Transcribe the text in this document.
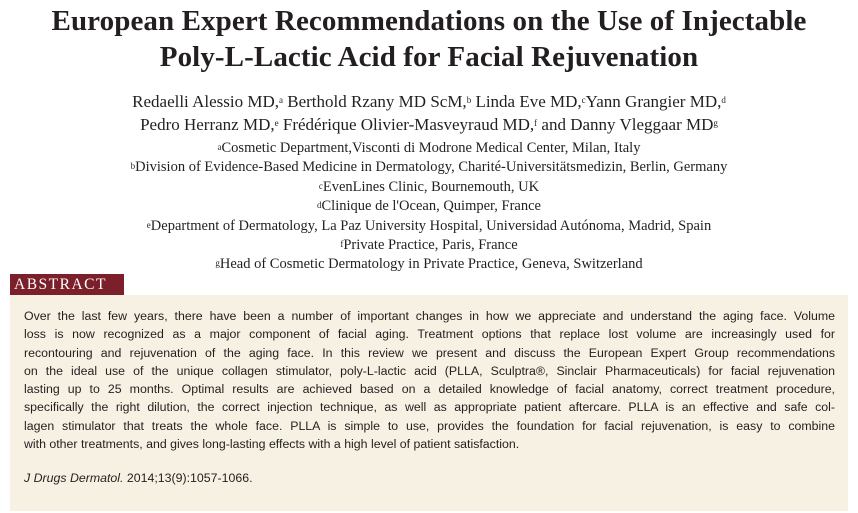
European Expert Recommendations on the Use of Injectable
Poly-L-Lactic Acid for Facial Rejuvenation
Redaelli Alessio MD,$^a$ Berthold Rzany MD ScM,$^b$ Linda Eve MD,$^c$Yann Grangier MD,$^d$
Pedro Herranz MD,$^e$ Frédérique Olivier-Masveyraud MD,$^f$ and Danny Vleggaar $MD^g$
$^a$Cosmetic Department,Visconti di Modrone Medical Center, Milan, Italy
$^b$Division of Evidence-Based Medicine in Dermatology, Charité-Universitätsmedizin, Berlin, Germany
$^c$EvenLines Clinic, Bournemouth, UK
$^d$Clinique de l'Ocean, Quimper, France
$^e$Department of Dermatology, La Paz University Hospital, Universidad Autónoma, Madrid, Spain
$^f$Private Practice, Paris, France
$^g$Head of Cosmetic Dermatology in Private Practice, Geneva, Switzerland
ABSTRACT

Over the last few years, there have been a number of important changes in how we appreciate and understand the aging face. Volume
loss is now recognized as a major component of facial aging. Treatment options that replace lost volume are increasingly used for
recontouring and rejuvenation of the aging face. In this review we present and discuss the European Expert Group recommendations
on the ideal use of the unique collagen stimulator, poly-L-lactic acid (PLLA, Sculptra®, Sinclair Pharmaceuticals) for facial rejuvenation
lasting up to 25 months. Optimal results are achieved based on a detailed knowledge of facial anatomy, correct treatment procedure,
specifically the right dilution, the correct injection technique, as well as appropriate patient aftercare. PLLA is an effective and safe col-
lagen stimulator that treats the whole face. PLLA is simple to use, provides the foundation for facial rejuvenation, is easy to combine
with other treatments, and gives long-lasting effects with a high level of patient satisfaction.

J Drugs Dermatol. 2014;13(9):1057-1066.
